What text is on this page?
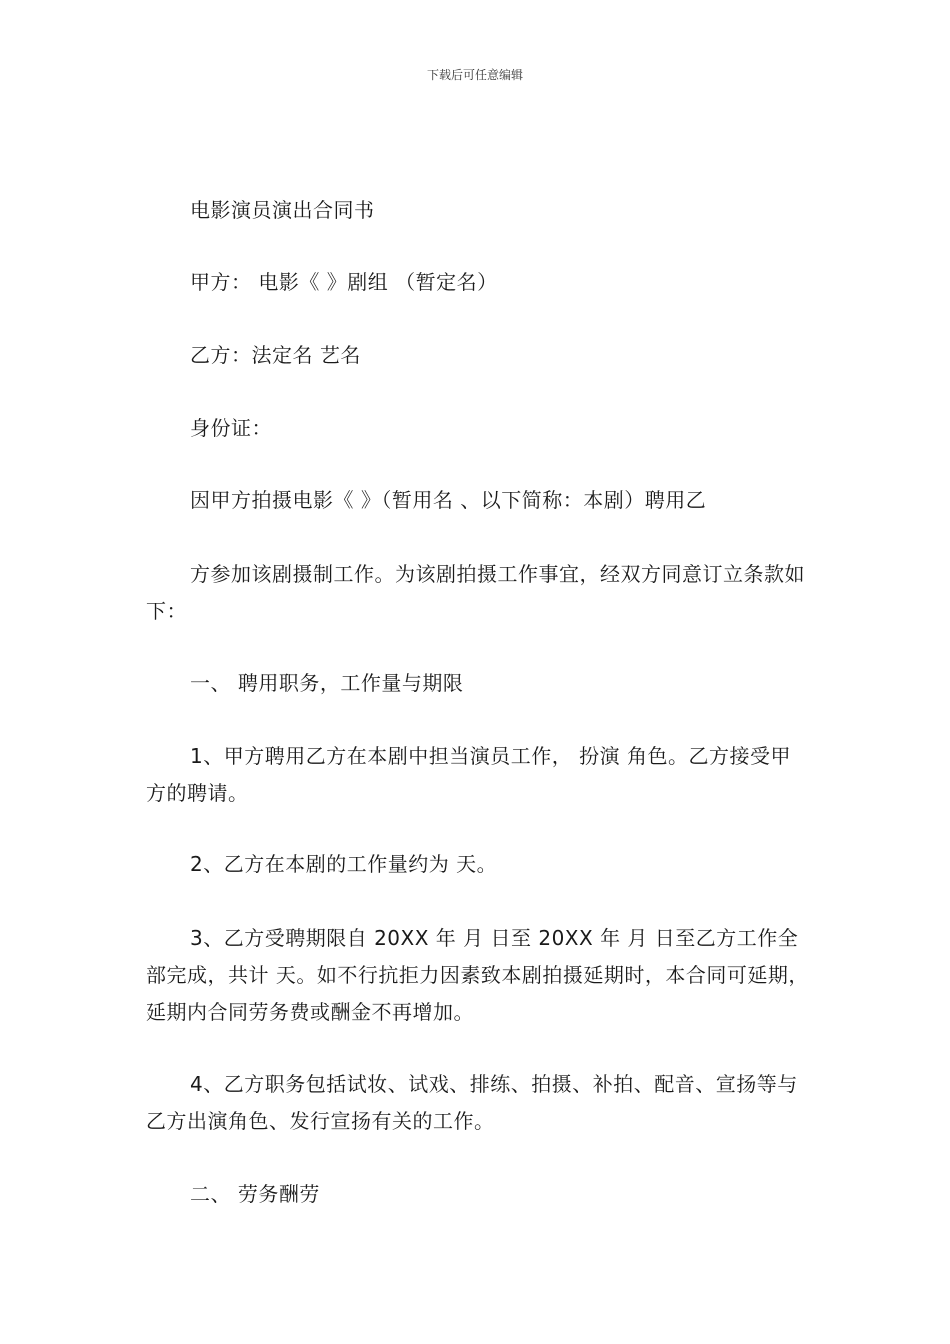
下载后可任意编辑

电影演员演出合同书

甲方： 电影《 》剧组 （暂定名）

乙方：法定名 艺名

身份证：

因甲方拍摄电影《 》（暂用名 、以下简称：本剧）聘用乙

方参加该剧摄制工作。为该剧拍摄工作事宜，经双方同意订立条款如下：

一、 聘用职务，工作量与期限

1、甲方聘用乙方在本剧中担当演员工作， 扮演 角色。乙方接受甲方的聘请。

2、乙方在本剧的工作量约为 天。

3、乙方受聘期限自 20XX 年 月 日至 20XX 年 月 日至乙方工作全部完成，共计 天。如不行抗拒力因素致本剧拍摄延期时，本合同可延期，延期内合同劳务费或酬金不再增加。

4、乙方职务包括试妆、试戏、排练、拍摄、补拍、配音、宣扬等与乙方出演角色、发行宣扬有关的工作。

二、 劳务酬劳
